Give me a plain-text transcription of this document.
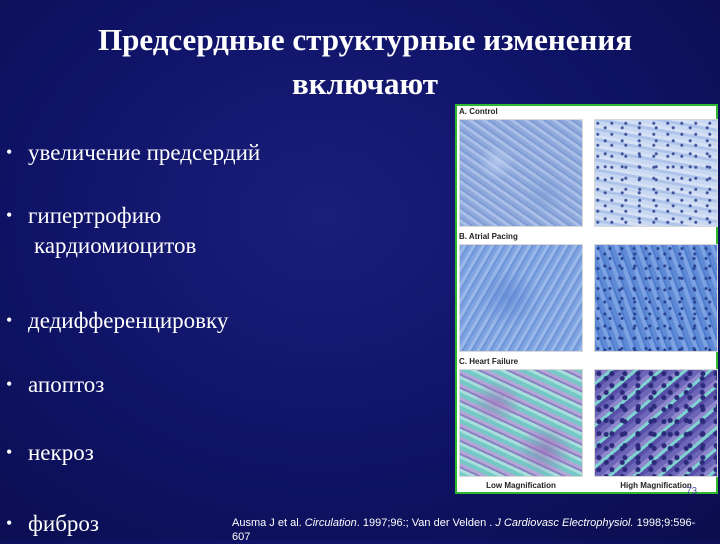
Предсердные структурные изменения
включают
• увеличение предсердий
• гипертрофию
кардиомиоцитов
• дедифференцировку
• апоптоз
• некроз
• фиброз
A. Control
B. Atrial Pacing
C. Heart Failure
Low Magnification	High Magnification
73
Ausma J et al. Circulation. 1997;96:; Van der Velden . J Cardiovasc Electrophysiol. 1998;9:596-607
